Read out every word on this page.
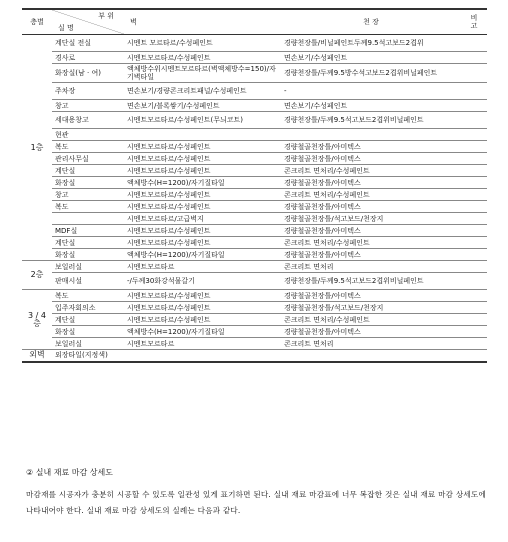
층별	부 위
실 명	벽	천 장	비
고
1층	계단실 전실	시멘트 모르타르/수성페인트	경량천장틀/비닐페인트두께9.5석고보드2겹위	
	경사로	시멘트모르타르/수성페인트	면손보기/수성페인트	
	화장실(남 · 여)	액체방수위시멘트모르타르(벽액체방수=150)/자기벽타일	경량천장틀/두께9.5방수석고보드2겹위비닐페인트	
	주차장	면손보기/경량콘크리트패널/수성페인트	-	
	창고	면손보기/블록쌓기/수성페인트	면손보기/수성페인트	
	세대용창고	시멘트모르타르/수성페인트(무늬코트)	경량천장틀/두께9.5석고보드2겹위비닐페인트	
	현관			
	복도	시멘트모르타르/수성페인트	경량철골천장틀/아미텍스	
	관리사무실	시멘트모르타르/수성페인트	경량철골천장틀/아미텍스	
	계단실	시멘트모르타르/수성페인트	콘크리트 면처리/수성페인트	
	화장실	액체방수(H=1200)/자기질타일	경량철골천장틀/아미텍스	
	창고	시멘트모르타르/수성페인트	콘크리트 면처리/수성페인트	
	복도	시멘트모르타르/수성페인트	경량철골천장틀/아미텍스	
		시멘트모르타르/고급벽지	경량철골천장틀/석고보드/천장지	
	MDF실	시멘트모르타르/수성페인트	경량철골천장틀/아미텍스	
	계단실	시멘트모르타르/수성페인트	콘크리트 면처리/수성페인트	
	화장실	액체방수(H=1200)/자기질타일	경량철골천장틀/아미텍스	
2층	보일러실	시멘트모르타르	콘크리트 면처리	
	판매시설	-/두께30화강석물갈기	경량천장틀/두께9.5석고보드2겹위비닐페인트	
3 / 4 층	복도	시멘트모르타르/수성페인트	경량철골천장틀/아미텍스	
	입주자회의소	시멘트모르타르/수성페인트	경량철골천장틀/석고보드/천장지	
	계단실	시멘트모르타르/수성페인트	콘크리트 면처리/수성페인트	
	화장실	액체방수(H=1200)/자기질타일	경량철골천장틀/아미텍스	
	보일러실	시멘트모르타르	콘크리트 면처리	
외벽	외장타일(지정색)			
② 실내 재료 마감 상세도
마감재를 시공자가 충분히 시공할 수 있도록 일관성 있게 표기하면 된다. 실내 재료 마감표에 너무 복잡한 것은 실내 재료 마감 상세도에 나타내어야 한다. 실내 재료 마감 상세도의 실례는 다음과 같다.
